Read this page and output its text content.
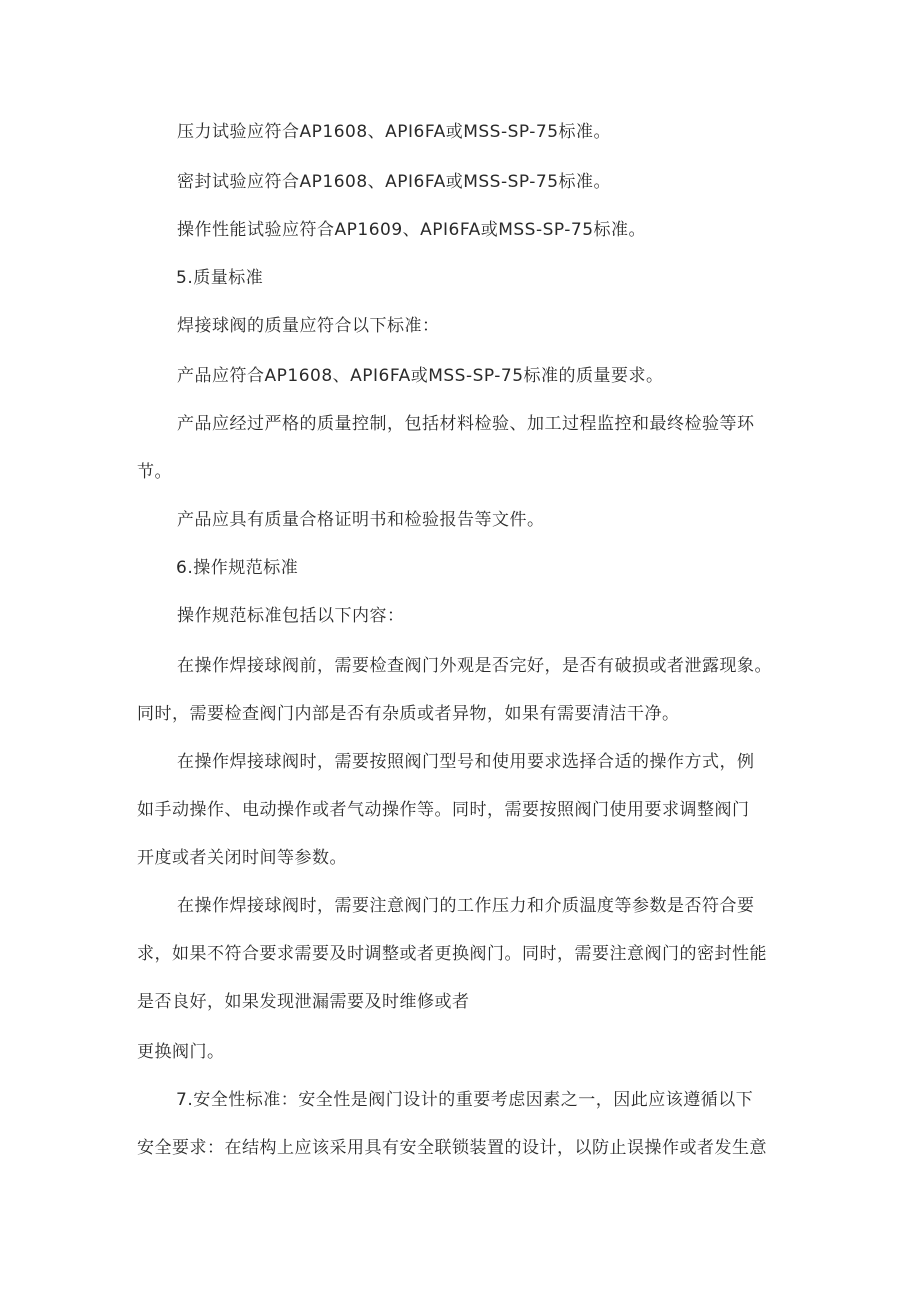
压力试验应符合AP1608、API6FA或MSS-SP-75标准。

密封试验应符合AP1608、API6FA或MSS-SP-75标准。

操作性能试验应符合AP1609、API6FA或MSS-SP-75标准。

5.质量标准

焊接球阀的质量应符合以下标准：

产品应符合AP1608、API6FA或MSS-SP-75标准的质量要求。

产品应经过严格的质量控制，包括材料检验、加工过程监控和最终检验等环

节。

产品应具有质量合格证明书和检验报告等文件。

6.操作规范标准

操作规范标准包括以下内容：

在操作焊接球阀前，需要检查阀门外观是否完好，是否有破损或者泄露现象。

同时，需要检查阀门内部是否有杂质或者异物，如果有需要清洁干净。

在操作焊接球阀时，需要按照阀门型号和使用要求选择合适的操作方式，例

如手动操作、电动操作或者气动操作等。同时，需要按照阀门使用要求调整阀门

开度或者关闭时间等参数。

在操作焊接球阀时，需要注意阀门的工作压力和介质温度等参数是否符合要

求，如果不符合要求需要及时调整或者更换阀门。同时，需要注意阀门的密封性能

是否良好，如果发现泄漏需要及时维修或者

更换阀门。

7.安全性标准：安全性是阀门设计的重要考虑因素之一，因此应该遵循以下

安全要求：在结构上应该采用具有安全联锁装置的设计，以防止误操作或者发生意
